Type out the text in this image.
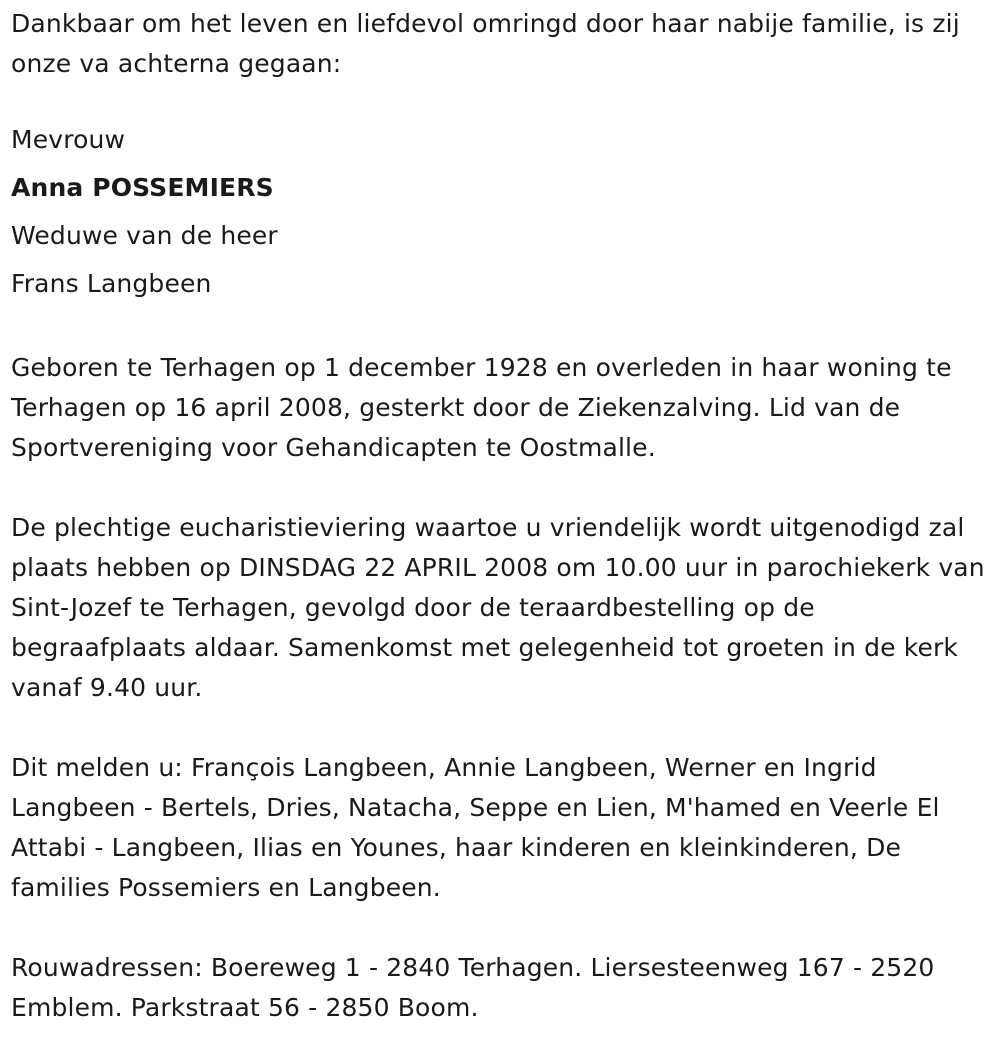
Dankbaar om het leven en liefdevol omringd door haar nabije familie, is zij onze va achterna gegaan:

Mevrouw
Anna POSSEMIERS
Weduwe van de heer
Frans Langbeen

Geboren te Terhagen op 1 december 1928 en overleden in haar woning te Terhagen op 16 april 2008, gesterkt door de Ziekenzalving. Lid van de Sportvereniging voor Gehandicapten te Oostmalle.

De plechtige eucharistieviering waartoe u vriendelijk wordt uitgenodigd zal plaats hebben op DINSDAG 22 APRIL 2008 om 10.00 uur in parochiekerk van Sint-Jozef te Terhagen, gevolgd door de teraardbestelling op de begraafplaats aldaar. Samenkomst met gelegenheid tot groeten in de kerk vanaf 9.40 uur.

Dit melden u: François Langbeen, Annie Langbeen, Werner en Ingrid Langbeen - Bertels, Dries, Natacha, Seppe en Lien, M'hamed en Veerle El Attabi - Langbeen, Ilias en Younes, haar kinderen en kleinkinderen, De families Possemiers en Langbeen.

Rouwadressen: Boereweg 1 - 2840 Terhagen. Liersesteenweg 167 - 2520 Emblem. Parkstraat 56 - 2850 Boom.
